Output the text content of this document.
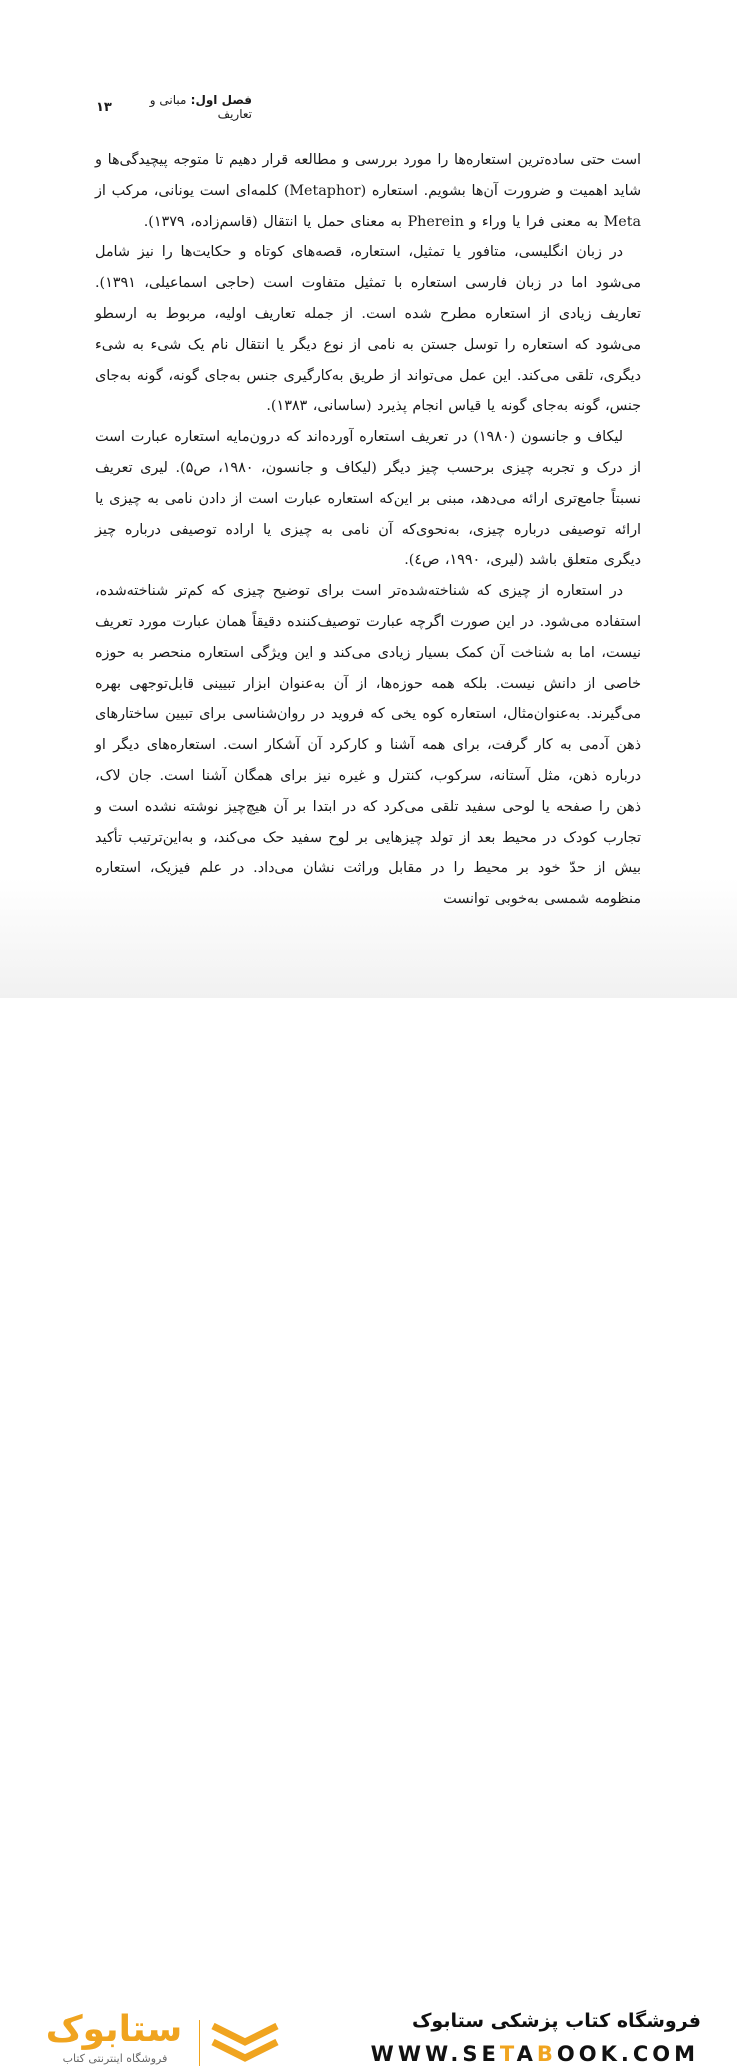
فصل اول: مبانی و تعاریف
۱۳

است حتی ساده‌ترین استعاره‌ها را مورد بررسی و مطالعه قرار دهیم تا متوجه پیچیدگی‌ها و شاید اهمیت و ضرورت آن‌ها بشویم. استعاره (Metaphor) کلمه‌ای است یونانی، مرکب از Meta به معنی فرا یا وراء و Pherein به معنای حمل یا انتقال (قاسم‌زاده، ۱۳۷۹).

در زبان انگلیسی، متافور یا تمثیل، استعاره، قصه‌های کوتاه و حکایت‌ها را نیز شامل می‌شود اما در زبان فارسی استعاره با تمثیل متفاوت است (حاجی اسماعیلی، ۱۳۹۱). تعاریف زیادی از استعاره مطرح شده است. از جمله تعاریف اولیه، مربوط به ارسطو می‌شود که استعاره را توسل جستن به نامی از نوع دیگر یا انتقال نام یک شیء به شیء دیگری، تلقی می‌کند. این عمل می‌تواند از طریق به‌کارگیری جنس به‌جای گونه، گونه به‌جای جنس، گونه به‌جای گونه یا قیاس انجام پذیرد (ساسانی، ۱۳۸۳).

لیکاف و جانسون (۱۹۸۰) در تعریف استعاره آورده‌اند که درون‌مایه استعاره عبارت است از درک و تجربه چیزی برحسب چیز دیگر (لیکاف و جانسون، ۱۹۸۰، ص۵). لیری تعریف نسبتاً جامع‌تری ارائه می‌دهد، مبنی بر این‌که استعاره عبارت است از دادن نامی به چیزی یا ارائه توصیفی درباره چیزی، به‌نحوی‌که آن نامی به چیزی یا اراده توصیفی درباره چیز دیگری متعلق باشد (لیری، ۱۹۹۰، ص٤).

در استعاره از چیزی که شناخته‌شده‌تر است برای توضیح چیزی که کم‌تر شناخته‌شده، استفاده می‌شود. در این صورت اگرچه عبارت توصیف‌کننده دقیقاً همان عبارت مورد تعریف نیست، اما به شناخت آن کمک بسیار زیادی می‌کند و این ویژگی استعاره منحصر به حوزه خاصی از دانش نیست. بلکه همه حوزه‌ها، از آن به‌عنوان ابزار تبیینی قابل‌توجهی بهره می‌گیرند. به‌عنوان‌مثال، استعاره کوه یخی که فروید در روان‌شناسی برای تبیین ساختارهای ذهن آدمی به کار گرفت، برای همه آشنا و کارکرد آن آشکار است. استعاره‌های دیگر او درباره ذهن، مثل آستانه، سرکوب، کنترل و غیره نیز برای همگان آشنا است. جان لاک، ذهن را صفحه یا لوحی سفید تلقی می‌کرد که در ابتدا بر آن هیچ‌چیز نوشته نشده است و تجارب کودک در محیط بعد از تولد چیزهایی بر لوح سفید حک می‌کند، و به‌این‌ترتیب تأکید بیش از حدّ خود بر محیط را در مقابل وراثت نشان می‌داد. در علم فیزیک، استعاره منظومه شمسی به‌خوبی توانست

ستابوک
فروشگاه اینترنتی کتاب
فروشگاه کتاب پزشکی ستابوک
WWW.SETABOOK.COM
